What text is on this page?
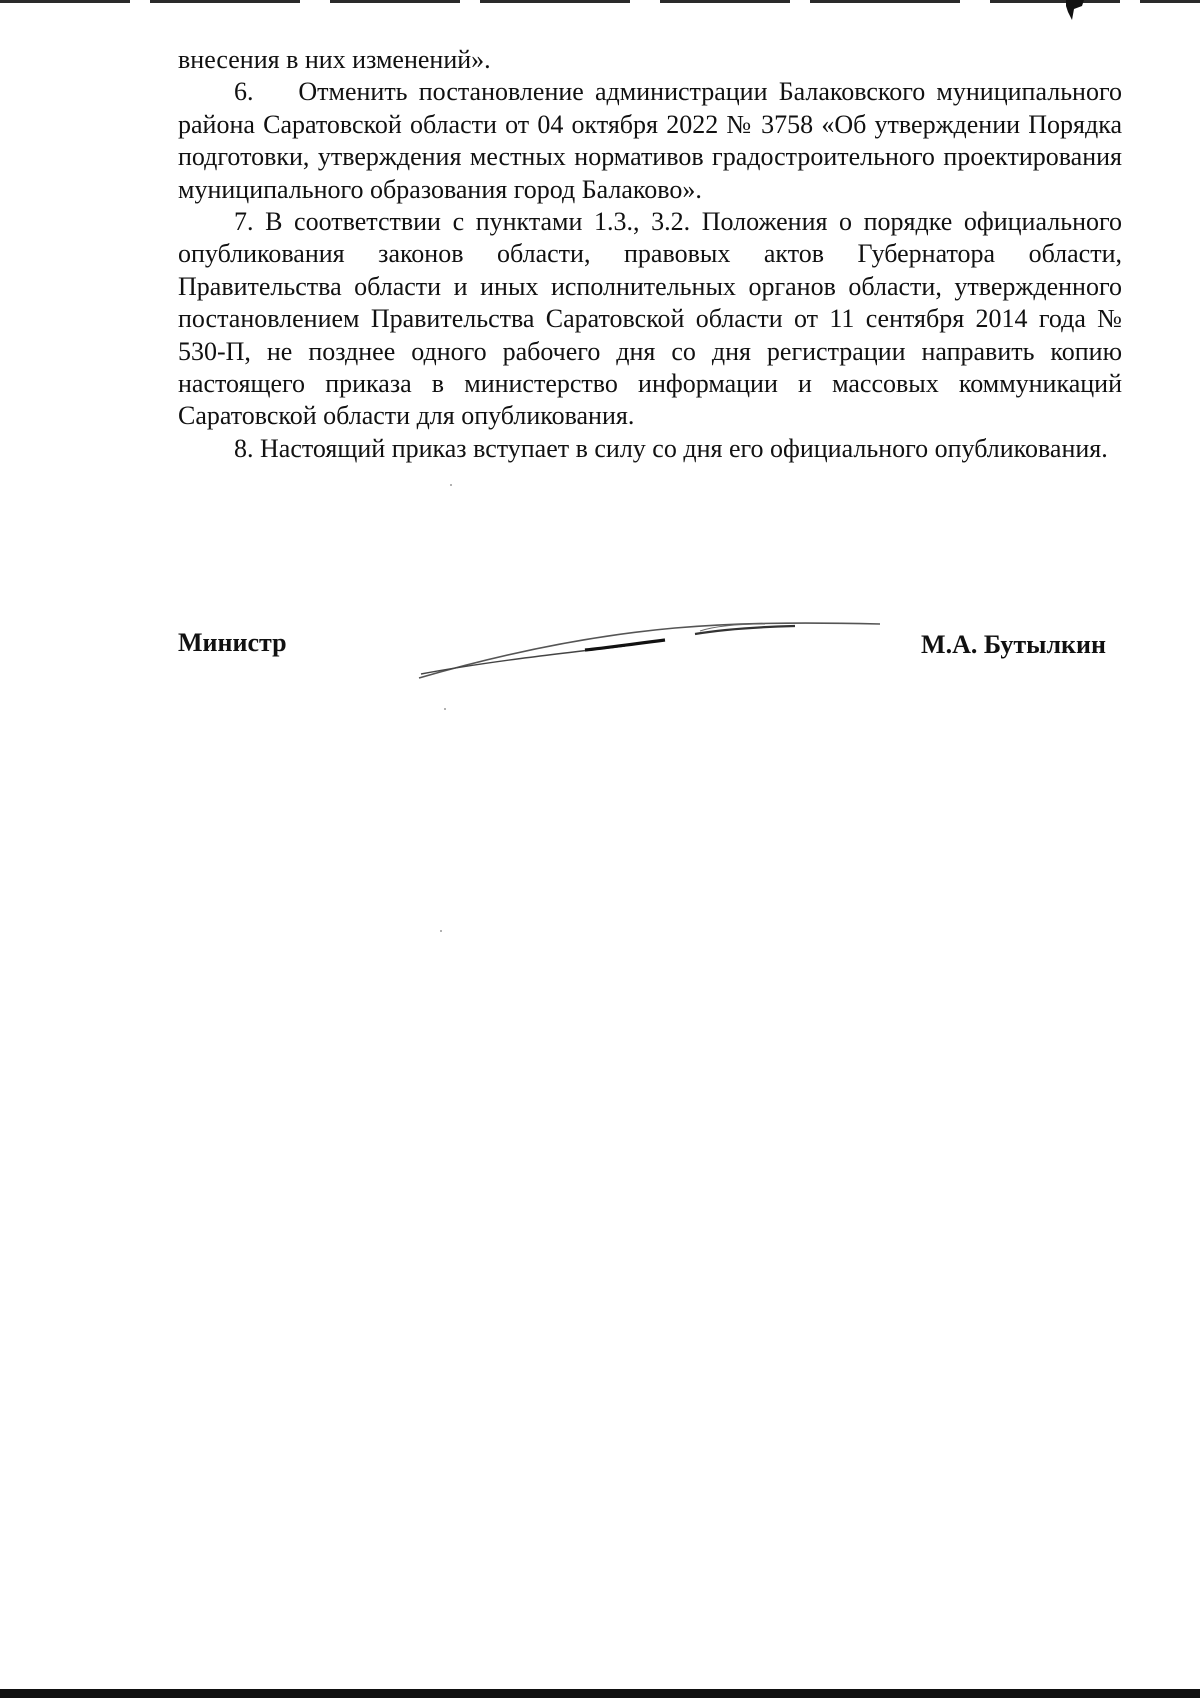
внесения в них изменений».

6.    Отменить постановление администрации Балаковского муниципального района Саратовской области от 04 октября 2022 № 3758 «Об утверждении Порядка подготовки, утверждения местных нормативов градостроительного проектирования муниципального образования город Балаково».

7. В соответствии с пунктами 1.3., 3.2. Положения о порядке официального опубликования законов области, правовых актов Губернатора области, Правительства области и иных исполнительных органов области, утвержденного постановлением Правительства Саратовской области от 11 сентября 2014 года № 530-П, не позднее одного рабочего дня со дня регистрации направить копию настоящего приказа в министерство информации и массовых коммуникаций Саратовской области для опубликования.

8. Настоящий приказ вступает в силу со дня его официального опубликования.

Министр	М.А. Бутылкин
